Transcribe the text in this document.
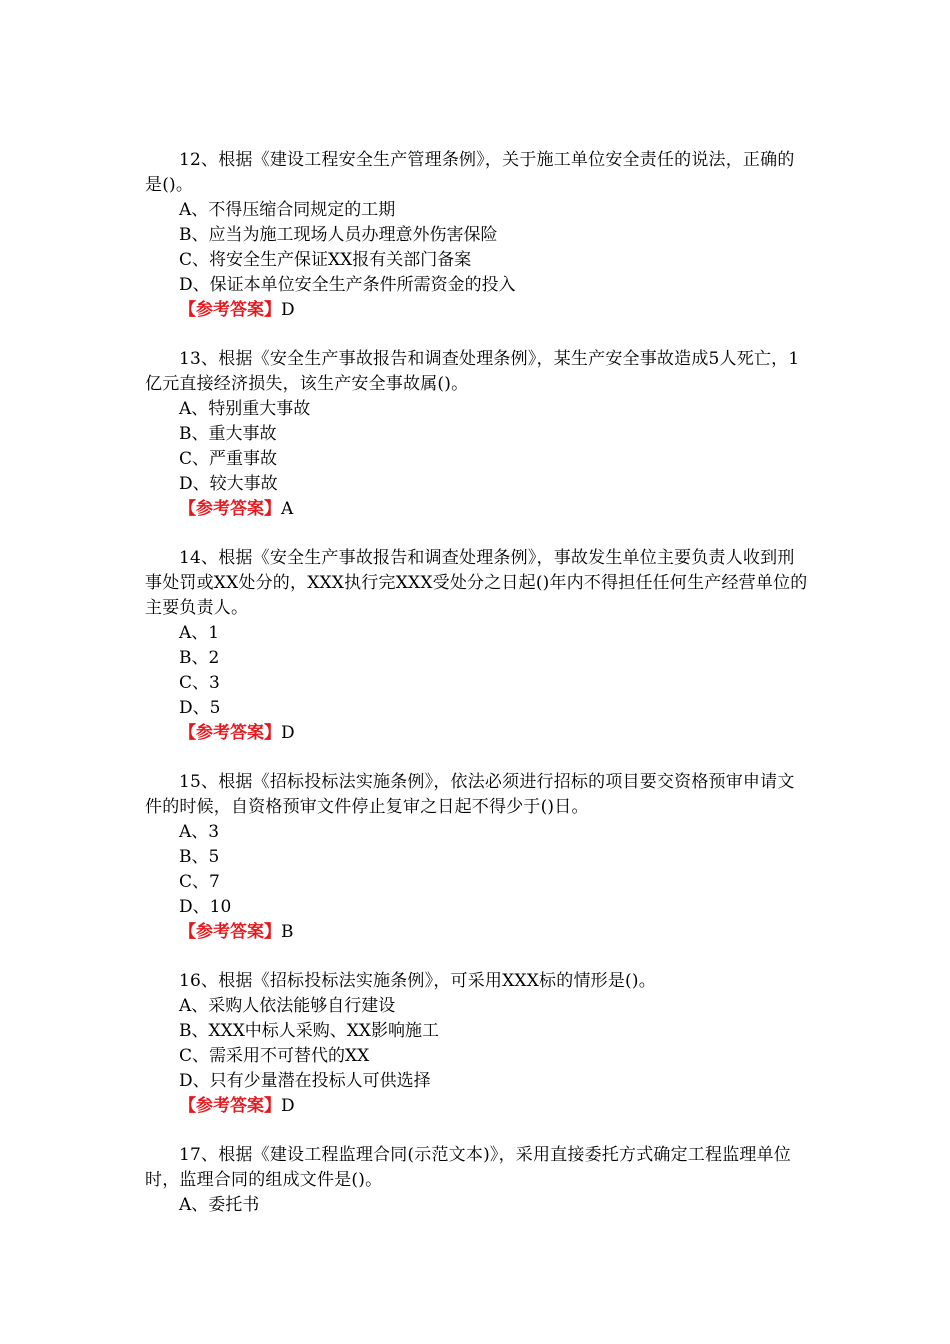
12、根据《建设工程安全生产管理条例》，关于施工单位安全责任的说法，正确的是()。

A、不得压缩合同规定的工期

B、应当为施工现场人员办理意外伤害保险

C、将安全生产保证XX报有关部门备案

D、保证本单位安全生产条件所需资金的投入

【参考答案】D

13、根据《安全生产事故报告和调查处理条例》，某生产安全事故造成5人死亡，1亿元直接经济损失，该生产安全事故属()。

A、特别重大事故

B、重大事故

C、严重事故

D、较大事故

【参考答案】A

14、根据《安全生产事故报告和调查处理条例》，事故发生单位主要负责人收到刑事处罚或XX处分的，XXX执行完XXX受处分之日起()年内不得担任任何生产经营单位的主要负责人。

A、1

B、2

C、3

D、5

【参考答案】D

15、根据《招标投标法实施条例》，依法必须进行招标的项目要交资格预审申请文件的时候，自资格预审文件停止复审之日起不得少于()日。

A、3

B、5

C、7

D、10

【参考答案】B

16、根据《招标投标法实施条例》，可采用XXX标的情形是()。

A、采购人依法能够自行建设

B、XXX中标人采购、XX影响施工

C、需采用不可替代的XX

D、只有少量潜在投标人可供选择

【参考答案】D

17、根据《建设工程监理合同(示范文本)》，采用直接委托方式确定工程监理单位时，监理合同的组成文件是()。

A、委托书
